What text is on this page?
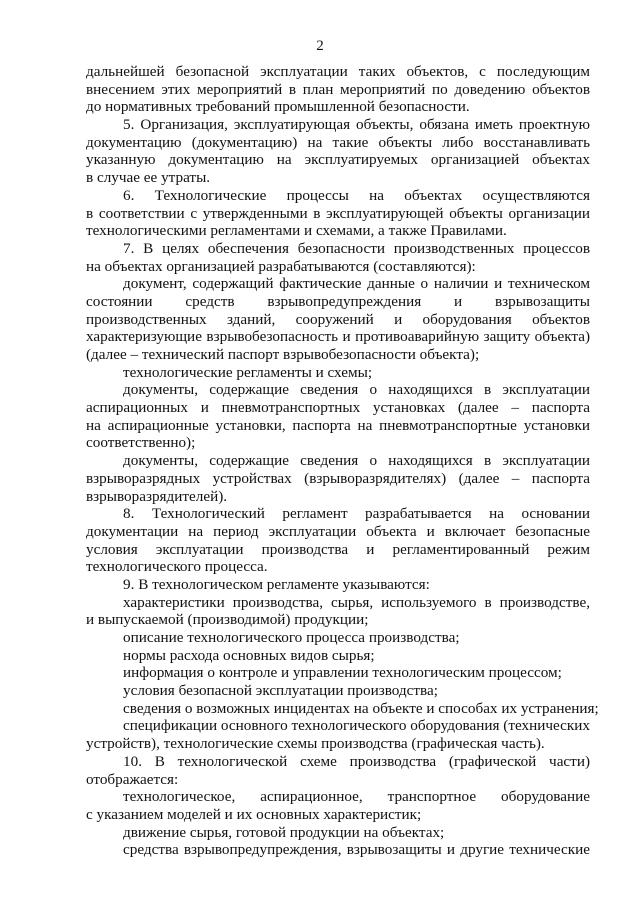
2
дальнейшей безопасной эксплуатации таких объектов, с последующим
внесением этих мероприятий в план мероприятий по доведению объектов
до нормативных требований промышленной безопасности.
5. Организация, эксплуатирующая объекты, обязана иметь проектную
документацию (документацию) на такие объекты либо восстанавливать
указанную документацию на эксплуатируемых организацией объектах
в случае ее утраты.
6. Технологические процессы на объектах осуществляются
в соответствии с утвержденными в эксплуатирующей объекты организации
технологическими регламентами и схемами, а также Правилами.
7. В целях обеспечения безопасности производственных процессов
на объектах организацией разрабатываются (составляются):
документ, содержащий фактические данные о наличии и техническом
состоянии средств взрывопредупреждения и взрывозащиты
производственных зданий, сооружений и оборудования объектов
характеризующие взрывобезопасность и противоаварийную защиту объекта)
(далее – технический паспорт взрывобезопасности объекта);
технологические регламенты и схемы;
документы, содержащие сведения о находящихся в эксплуатации
аспирационных и пневмотранспортных установках (далее – паспорта
на аспирационные установки, паспорта на пневмотранспортные установки
соответственно);
документы, содержащие сведения о находящихся в эксплуатации
взрыворазрядных устройствах (взрыворазрядителях) (далее – паспорта
взрыворазрядителей).
8. Технологический регламент разрабатывается на основании
документации на период эксплуатации объекта и включает безопасные
условия эксплуатации производства и регламентированный режим
технологического процесса.
9. В технологическом регламенте указываются:
характеристики производства, сырья, используемого в производстве,
и выпускаемой (производимой) продукции;
описание технологического процесса производства;
нормы расхода основных видов сырья;
информация о контроле и управлении технологическим процессом;
условия безопасной эксплуатации производства;
сведения о возможных инцидентах на объекте и способах их устранения;
спецификации основного технологического оборудования (технических
устройств), технологические схемы производства (графическая часть).
10. В технологической схеме производства (графической части)
отображается:
технологическое, аспирационное, транспортное оборудование
с указанием моделей и их основных характеристик;
движение сырья, готовой продукции на объектах;
средства взрывопредупреждения, взрывозащиты и другие технические
